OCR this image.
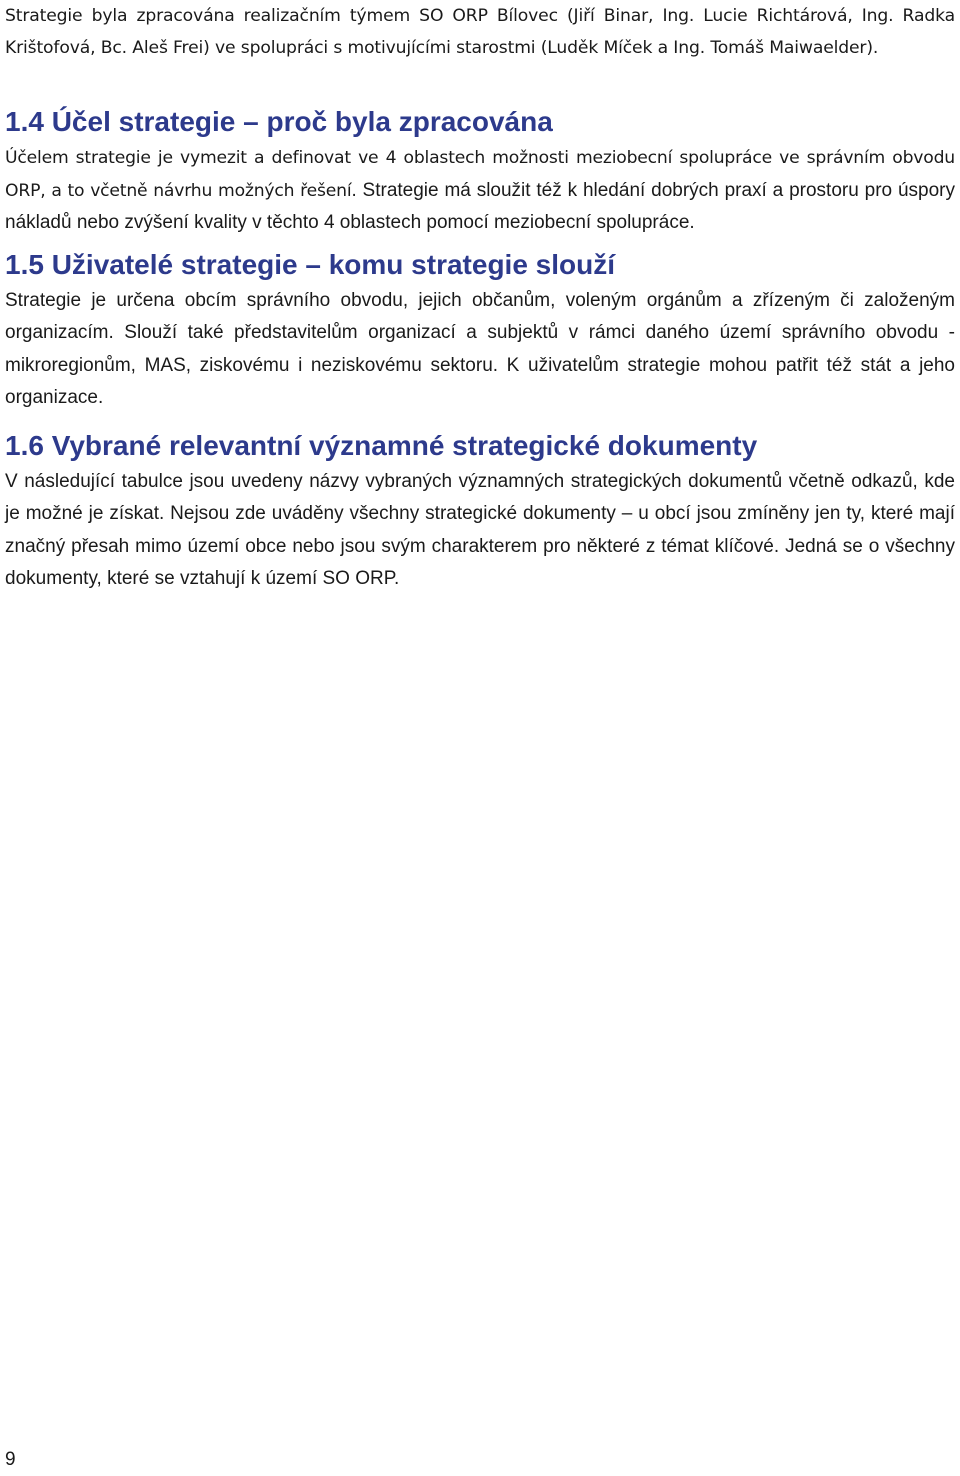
Strategie byla zpracována realizačním týmem SO ORP Bílovec (Jiří Binar, Ing. Lucie Richtárová, Ing. Radka Krištofová, Bc. Aleš Frei) ve spolupráci s motivujícími starostmi (Luděk Míček a Ing. Tomáš Maiwaelder).

1.4 Účel strategie – proč byla zpracována

Účelem strategie je vymezit a definovat ve 4 oblastech možnosti meziobecní spolupráce ve správním obvodu ORP, a to včetně návrhu možných řešení. Strategie má sloužit též k hledání dobrých praxí a prostoru pro úspory nákladů nebo zvýšení kvality v těchto 4 oblastech pomocí meziobecní spolupráce.

1.5 Uživatelé strategie – komu strategie slouží

Strategie je určena obcím správního obvodu, jejich občanům, voleným orgánům a zřízeným či založeným organizacím. Slouží také představitelům organizací a subjektů v rámci daného území správního obvodu - mikroregionům, MAS, ziskovému i neziskovému sektoru. K uživatelům strategie mohou patřit též stát a jeho organizace.

1.6 Vybrané relevantní významné strategické dokumenty

V následující tabulce jsou uvedeny názvy vybraných významných strategických dokumentů včetně odkazů, kde je možné je získat. Nejsou zde uváděny všechny strategické dokumenty – u obcí jsou zmíněny jen ty, které mají značný přesah mimo území obce nebo jsou svým charakterem pro některé z témat klíčové. Jedná se o všechny dokumenty, které se vztahují k území SO ORP.

9
